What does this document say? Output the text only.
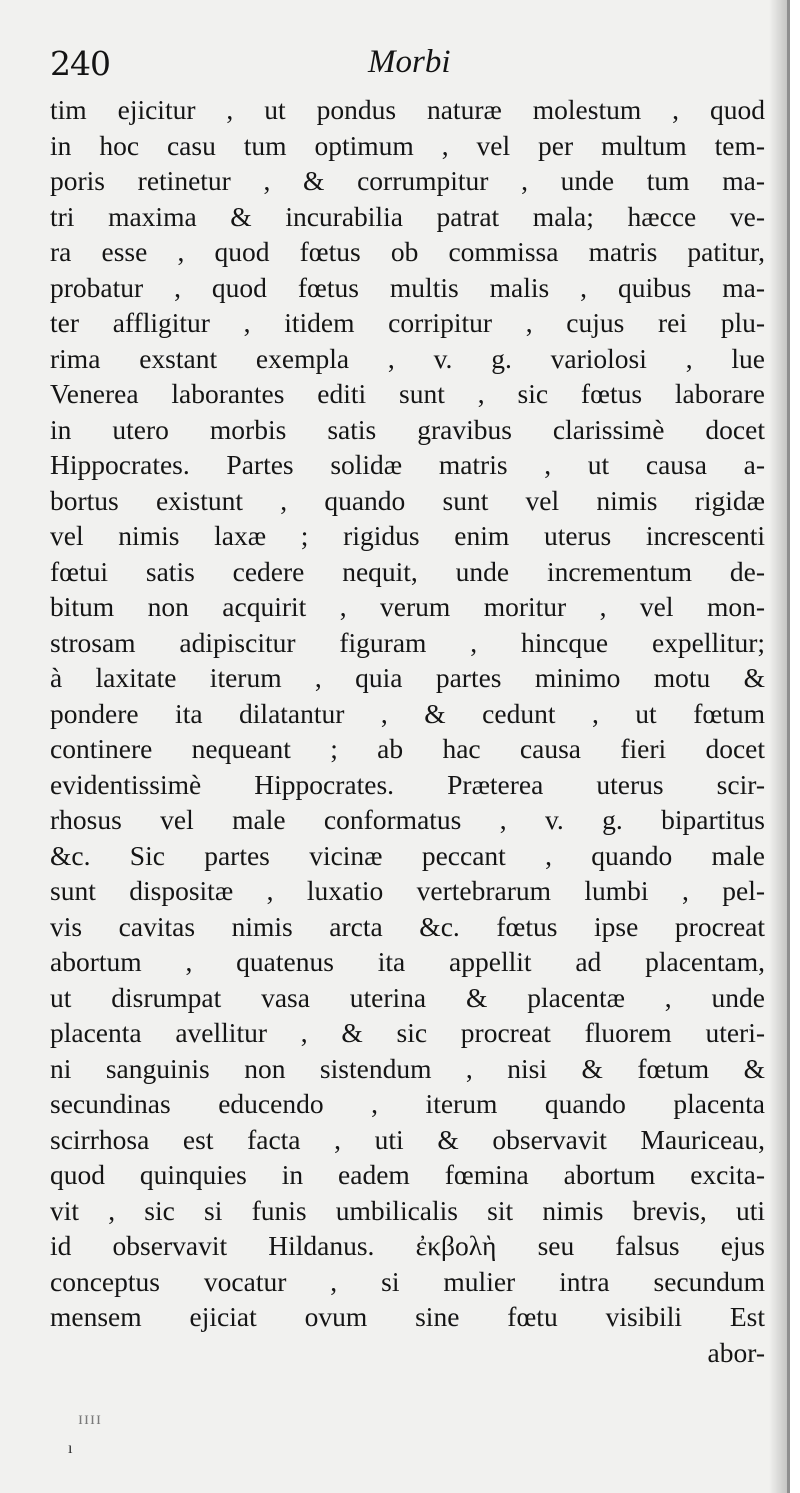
240	Morbi
tim ejicitur , ut pondus naturæ molestum , quod
in hoc casu tum optimum , vel per multum tem-
poris retinetur , & corrumpitur , unde tum ma-
tri maxima & incurabilia patrat mala; hæcce ve-
ra esse , quod fœtus ob commissa matris patitur,
probatur , quod fœtus multis malis , quibus ma-
ter affligitur , itidem corripitur , cujus rei plu-
rima exstant exempla , v. g. variolosi , lue
Venerea laborantes editi sunt , sic fœtus laborare
in utero morbis satis gravibus clarissimè docet
Hippocrates. Partes solidæ matris , ut causa a-
bortus existunt , quando sunt vel nimis rigidæ
vel nimis laxæ ; rigidus enim uterus increscenti
fœtui satis cedere nequit, unde incrementum de-
bitum non acquirit , verum moritur , vel mon-
strosam adipiscitur figuram , hincque expellitur;
à laxitate iterum , quia partes minimo motu &
pondere ita dilatantur , & cedunt , ut fœtum
continere nequeant ; ab hac causa fieri docet
evidentissimè Hippocrates. Præterea uterus scir-
rhosus vel male conformatus , v. g. bipartitus
&c. Sic partes vicinæ peccant , quando male
sunt dispositæ , luxatio vertebrarum lumbi , pel-
vis cavitas nimis arcta &c. fœtus ipse procreat
abortum , quatenus ita appellit ad placentam,
ut disrumpat vasa uterina & placentæ , unde
placenta avellitur , & sic procreat fluorem uteri-
ni sanguinis non sistendum , nisi & fœtum &
secundinas educendo , iterum quando placenta
scirrhosa est facta , uti & observavit Mauriceau,
quod quinquies in eadem fœmina abortum excita-
vit , sic si funis umbilicalis sit nimis brevis, uti
id observavit Hildanus. ἐκβολὴ seu falsus ejus
conceptus vocatur , si mulier intra secundum
mensem ejiciat ovum sine fœtu visibili Est
abor-
ɪɪɪɪ
ı
